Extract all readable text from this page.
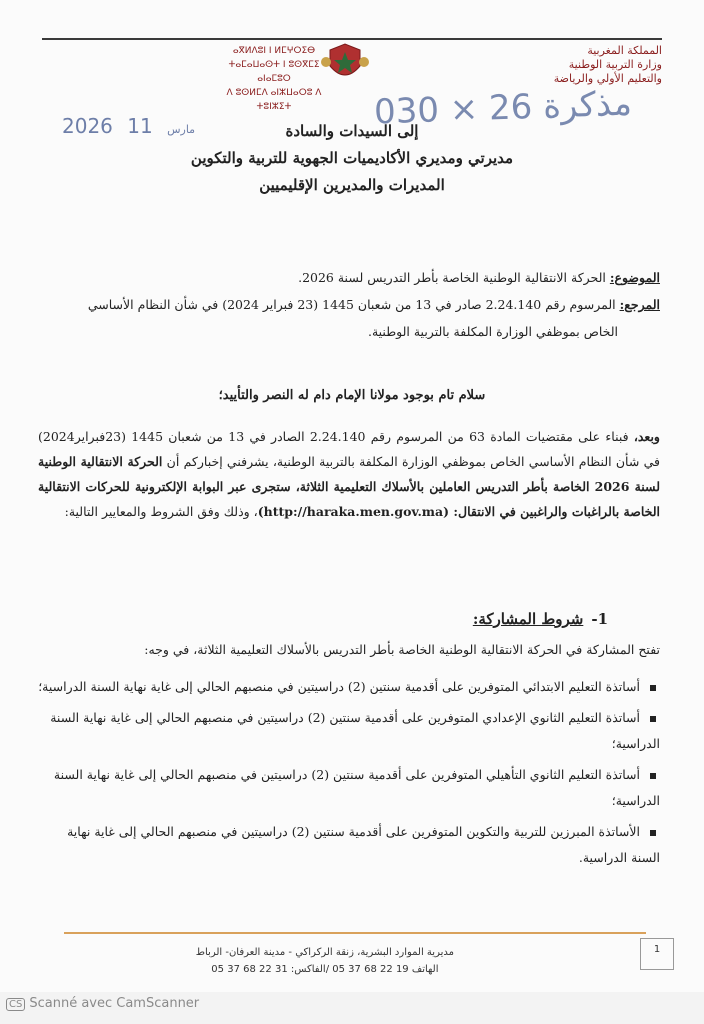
المملكة المغربية
وزارة التربية الوطنية
والتعليم الأولي والرياضة
ⴰⴳⵍⴷⵓⵏ ⵏ ⵍⵎⵖⵔⵉⴱ
ⵜⴰⵎⴰⵡⴰⵙⵜ ⵏ ⵓⵙⴳⵎⵉ ⴰⵏⴰⵎⵓⵔ
ⴷ ⵓⵙⵍⵎⴷ ⴰⵏⵣⵡⴰⵔⵓ ⴷ ⵜⵓⵏⵣⵉⵜ	مذكرة 26 × 030
2026	مارس 11	إلى السيدات والسادة
مديرتي ومديري الأكاديميات الجهوية للتربية والتكوين
المديرات والمديرين الإقليميين
الموضوع: الحركة الانتقالية الوطنية الخاصة بأطر التدريس لسنة 2026.
المرجع: المرسوم رقم 2.24.140 صادر في 13 من شعبان 1445 (23 فبراير 2024) في شأن النظام الأساسي
الخاص بموظفي الوزارة المكلفة بالتربية الوطنية.
سلام تام بوجود مولانا الإمام دام له النصر والتأييد؛
وبعد، فبناء على مقتضيات المادة 63 من المرسوم رقم 2.24.140 الصادر في 13 من شعبان 1445 (23فبراير2024) في شأن النظام الأساسي الخاص بموظفي الوزارة المكلفة بالتربية الوطنية، يشرفني إخباركم أن الحركة الانتقالية الوطنية لسنة 2026 الخاصة بأطر التدريس العاملين بالأسلاك التعليمية الثلاثة، ستجرى عبر البوابة الإلكترونية للحركات الانتقالية الخاصة بالراغبات والراغبين في الانتقال: (http://haraka.men.gov.ma)، وذلك وفق الشروط والمعايير التالية:
1-شروط المشاركة:
تفتح المشاركة في الحركة الانتقالية الوطنية الخاصة بأطر التدريس بالأسلاك التعليمية الثلاثة، في وجه:
أساتذة التعليم الابتدائي المتوفرين على أقدمية سنتين (2) دراسيتين في منصبهم الحالي إلى غاية نهاية السنة الدراسية؛
أساتذة التعليم الثانوي الإعدادي المتوفرين على أقدمية سنتين (2) دراسيتين في منصبهم الحالي إلى غاية نهاية السنة الدراسية؛
أساتذة التعليم الثانوي التأهيلي المتوفرين على أقدمية سنتين (2) دراسيتين في منصبهم الحالي إلى غاية نهاية السنة الدراسية؛
الأساتذة المبرزين للتربية والتكوين المتوفرين على أقدمية سنتين (2) دراسيتين في منصبهم الحالي إلى غاية نهاية السنة الدراسية.
مديرية الموارد البشرية، زنقة الركراكي - مدينة العرفان- الرباط
الهاتف 19 22 68 37 05 /الفاكس: 31 22 68 37 05
1
CS Scanné avec CamScanner
